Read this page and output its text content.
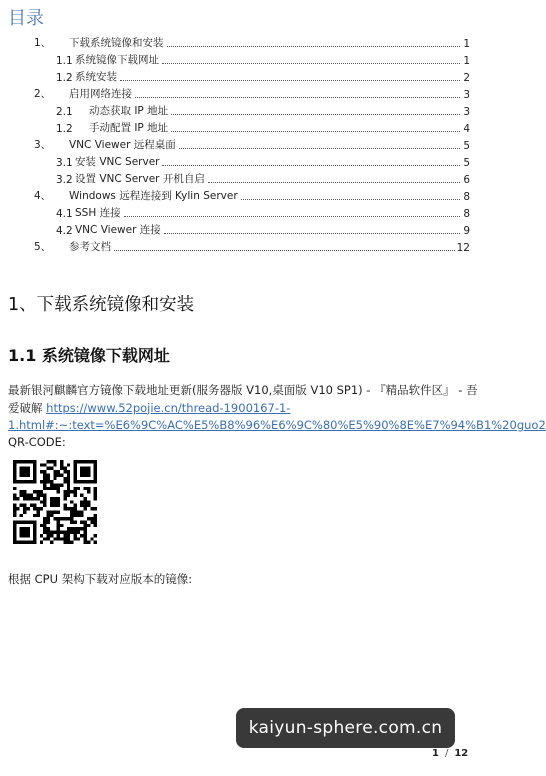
目录
1、	下载系统镜像和安装	1
1.1 系统镜像下载网址	1
1.2 系统安装	2
2、	启用网络连接	3
2.1	动态获取 IP 地址	3
1.2	手动配置 IP 地址	4
3、	VNC Viewer 远程桌面	5
3.1 安装 VNC Server	5
3.2 设置 VNC Server 开机自启	6
4、	Windows 远程连接到 Kylin Server	8
4.1 SSH 连接	8
4.2 VNC Viewer 连接	9
5、	参考文档	12
1、下载系统镜像和安装
1.1 系统镜像下载网址
最新银河麒麟官方镜像下载地址更新(服务器版 V10,桌面版 V10 SP1) - 『精品软件区』 - 吾爱破解 https://www.52pojie.cn/thread-1900167-1-
1.html#:~:text=%E6%9C%AC%E5%B8%96%E6%9C%80%E5%90%8E%E7%94%B1%20guo2
QR-CODE:
根据 CPU 架构下载对应版本的镜像:
kaiyun-sphere.com.cn
1 / 12
